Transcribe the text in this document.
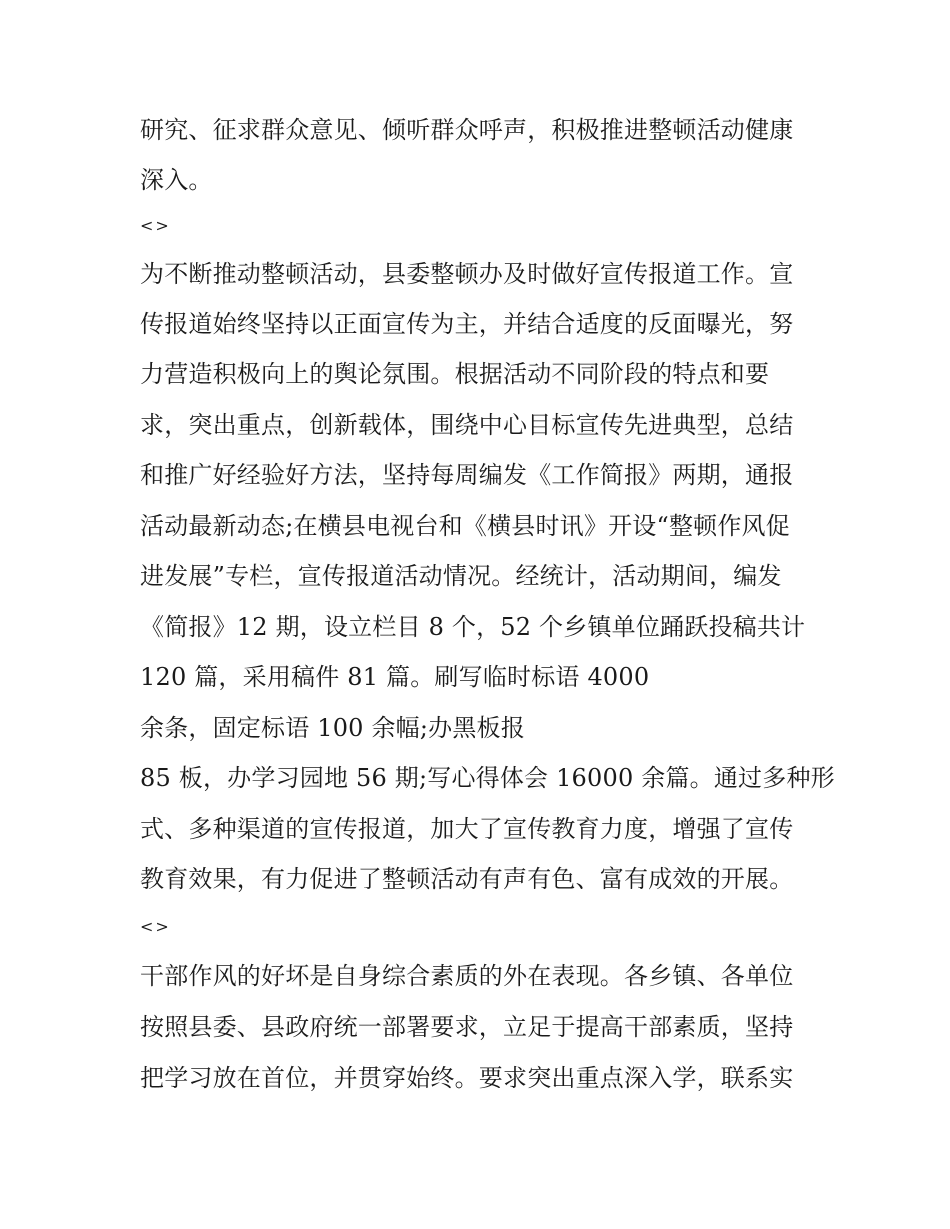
研究、征求群众意见、倾听群众呼声，积极推进整顿活动健康
深入。
<>
为不断推动整顿活动，县委整顿办及时做好宣传报道工作。宣
传报道始终坚持以正面宣传为主，并结合适度的反面曝光，努
力营造积极向上的舆论氛围。根据活动不同阶段的特点和要
求，突出重点，创新载体，围绕中心目标宣传先进典型，总结
和推广好经验好方法，坚持每周编发《工作简报》两期，通报
活动最新动态;在横县电视台和《横县时讯》开设“整顿作风促
进发展”专栏，宣传报道活动情况。经统计，活动期间，编发
《简报》12 期，设立栏目 8 个，52 个乡镇单位踊跃投稿共计
120 篇，采用稿件 81 篇。刷写临时标语 4000
余条，固定标语 100 余幅;办黑板报
85 板，办学习园地 56 期;写心得体会 16000 余篇。通过多种形
式、多种渠道的宣传报道，加大了宣传教育力度，增强了宣传
教育效果，有力促进了整顿活动有声有色、富有成效的开展。
<>
干部作风的好坏是自身综合素质的外在表现。各乡镇、各单位
按照县委、县政府统一部署要求，立足于提高干部素质，坚持
把学习放在首位，并贯穿始终。要求突出重点深入学，联系实
